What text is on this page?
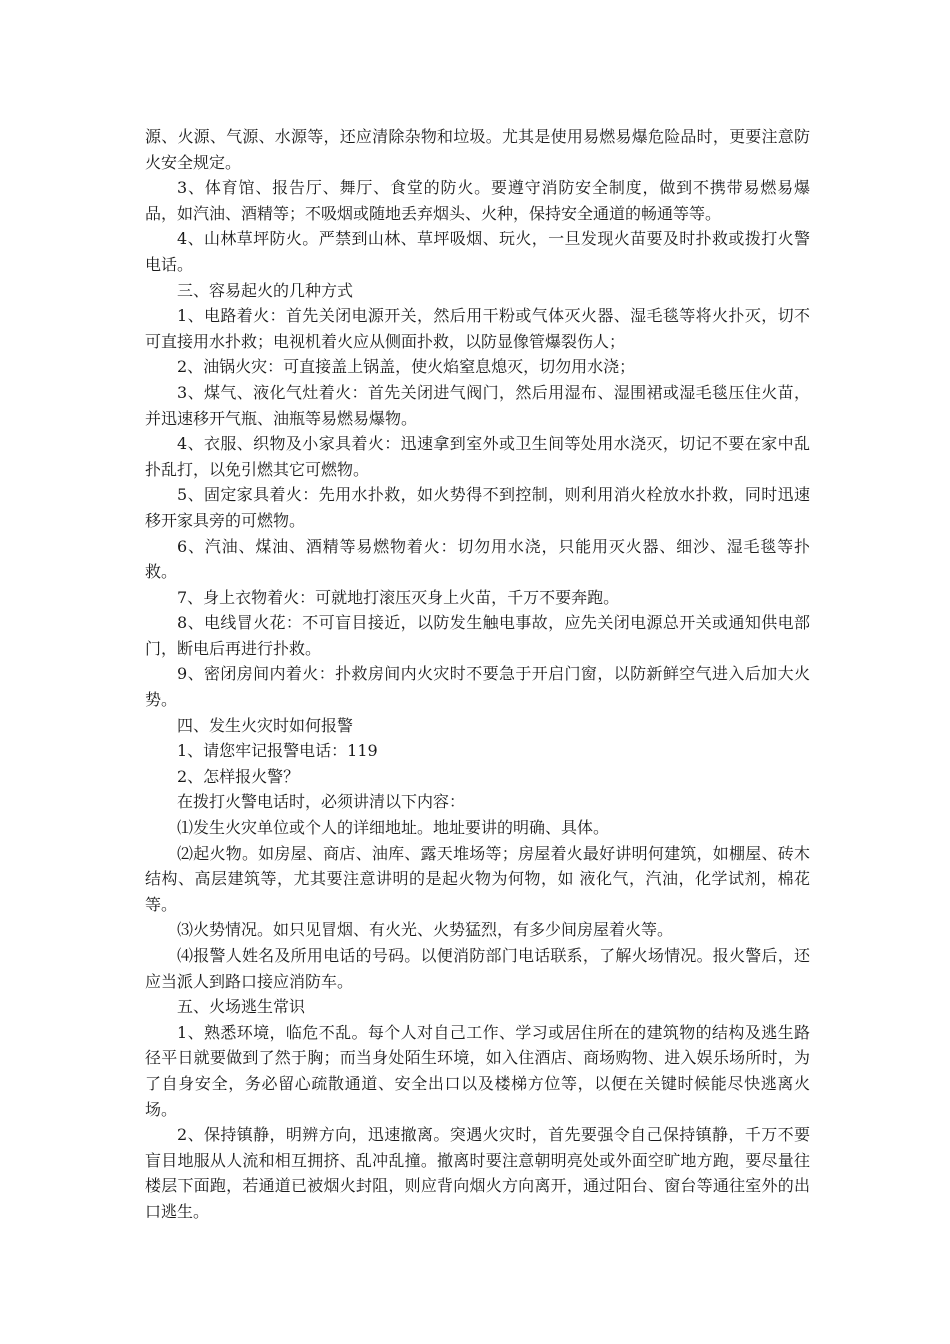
源、火源、气源、水源等，还应清除杂物和垃圾。尤其是使用易燃易爆危险品时，更要注意防火安全规定。

3、体育馆、报告厅、舞厅、食堂的防火。要遵守消防安全制度，做到不携带易燃易爆品，如汽油、酒精等；不吸烟或随地丢弃烟头、火种，保持安全通道的畅通等等。

4、山林草坪防火。严禁到山林、草坪吸烟、玩火，一旦发现火苗要及时扑救或拨打火警电话。

三、容易起火的几种方式

1、电路着火：首先关闭电源开关，然后用干粉或气体灭火器、湿毛毯等将火扑灭，切不可直接用水扑救；电视机着火应从侧面扑救，以防显像管爆裂伤人；

2、油锅火灾：可直接盖上锅盖，使火焰窒息熄灭，切勿用水浇；

3、煤气、液化气灶着火：首先关闭进气阀门，然后用湿布、湿围裙或湿毛毯压住火苗，并迅速移开气瓶、油瓶等易燃易爆物。

4、衣服、织物及小家具着火：迅速拿到室外或卫生间等处用水浇灭，切记不要在家中乱扑乱打，以免引燃其它可燃物。

5、固定家具着火：先用水扑救，如火势得不到控制，则利用消火栓放水扑救，同时迅速移开家具旁的可燃物。

6、汽油、煤油、酒精等易燃物着火：切勿用水浇，只能用灭火器、细沙、湿毛毯等扑救。

7、身上衣物着火：可就地打滚压灭身上火苗，千万不要奔跑。

8、电线冒火花：不可盲目接近，以防发生触电事故，应先关闭电源总开关或通知供电部门，断电后再进行扑救。

9、密闭房间内着火：扑救房间内火灾时不要急于开启门窗，以防新鲜空气进入后加大火势。

四、发生火灾时如何报警

1、请您牢记报警电话：119

2、怎样报火警？

在拨打火警电话时，必须讲清以下内容：

⑴发生火灾单位或个人的详细地址。地址要讲的明确、具体。

⑵起火物。如房屋、商店、油库、露天堆场等；房屋着火最好讲明何建筑，如棚屋、砖木结构、高层建筑等，尤其要注意讲明的是起火物为何物，如 液化气，汽油，化学试剂，棉花等。

⑶火势情况。如只见冒烟、有火光、火势猛烈，有多少间房屋着火等。

⑷报警人姓名及所用电话的号码。以便消防部门电话联系，了解火场情况。报火警后，还应当派人到路口接应消防车。

五、火场逃生常识

1、熟悉环境，临危不乱。每个人对自己工作、学习或居住所在的建筑物的结构及逃生路径平日就要做到了然于胸；而当身处陌生环境，如入住酒店、商场购物、进入娱乐场所时，为了自身安全，务必留心疏散通道、安全出口以及楼梯方位等，以便在关键时候能尽快逃离火场。

2、保持镇静，明辨方向，迅速撤离。突遇火灾时，首先要强令自己保持镇静，千万不要盲目地服从人流和相互拥挤、乱冲乱撞。撤离时要注意朝明亮处或外面空旷地方跑，要尽量往楼层下面跑，若通道已被烟火封阻，则应背向烟火方向离开，通过阳台、窗台等通往室外的出口逃生。
